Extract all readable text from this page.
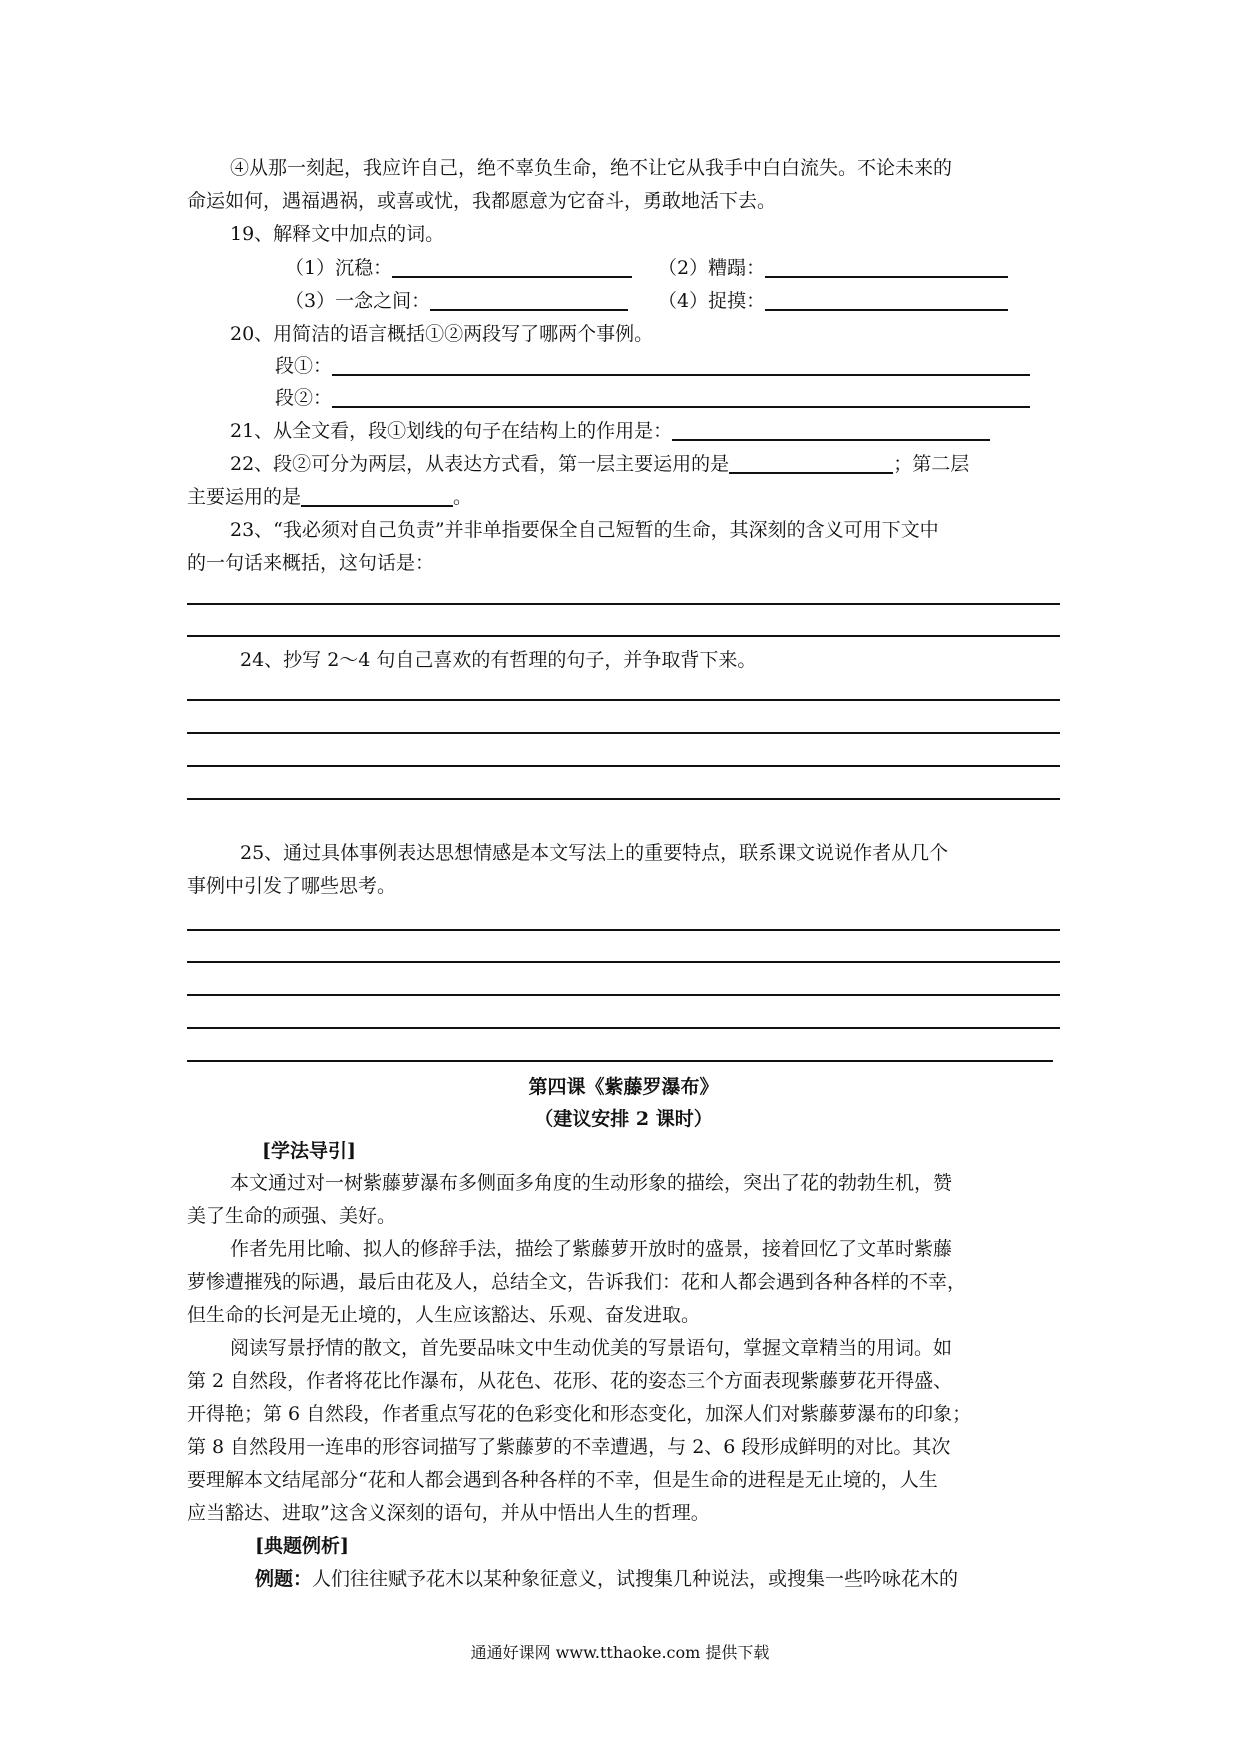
④从那一刻起，我应许自己，绝不辜负生命，绝不让它从我手中白白流失。不论未来的
命运如何，遇福遇祸，或喜或忧，我都愿意为它奋斗，勇敢地活下去。
19、解释文中加点的词。
（1）沉稳：	（2）糟蹋：
（3）一念之间：	（4）捉摸：
20、用简洁的语言概括①②两段写了哪两个事例。
段①：
段②：
21、从全文看，段①划线的句子在结构上的作用是：
22、段②可分为两层，从表达方式看，第一层主要运用的是	；第二层
主要运用的是	。
23、“我必须对自己负责”并非单指要保全自己短暂的生命，其深刻的含义可用下文中
的一句话来概括，这句话是：
24、抄写 2～4 句自己喜欢的有哲理的句子，并争取背下来。
25、通过具体事例表达思想情感是本文写法上的重要特点，联系课文说说作者从几个
事例中引发了哪些思考。
第四课《紫藤罗瀑布》
（建议安排 2 课时）
[学法导引]
本文通过对一树紫藤萝瀑布多侧面多角度的生动形象的描绘，突出了花的勃勃生机，赞
美了生命的顽强、美好。
作者先用比喻、拟人的修辞手法，描绘了紫藤萝开放时的盛景，接着回忆了文革时紫藤
萝惨遭摧残的际遇，最后由花及人，总结全文，告诉我们：花和人都会遇到各种各样的不幸，
但生命的长河是无止境的，人生应该豁达、乐观、奋发进取。
阅读写景抒情的散文，首先要品味文中生动优美的写景语句，掌握文章精当的用词。如
第 2 自然段，作者将花比作瀑布，从花色、花形、花的姿态三个方面表现紫藤萝花开得盛、
开得艳；第 6 自然段，作者重点写花的色彩变化和形态变化，加深人们对紫藤萝瀑布的印象；
第 8 自然段用一连串的形容词描写了紫藤萝的不幸遭遇，与 2、6 段形成鲜明的对比。其次
要理解本文结尾部分“花和人都会遇到各种各样的不幸，但是生命的进程是无止境的，人生
应当豁达、进取”这含义深刻的语句，并从中悟出人生的哲理。
[典题例析]
例题：人们往往赋予花木以某种象征意义，试搜集几种说法，或搜集一些吟咏花木的
通通好课网 www.tthaoke.com 提供下载
